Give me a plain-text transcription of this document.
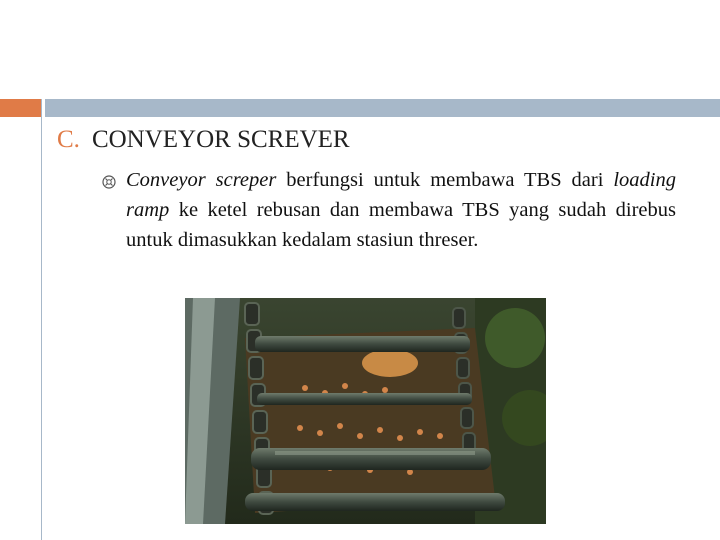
C. CONVEYOR SCREVER
Conveyor screper berfungsi untuk membawa TBS dari loading ramp ke ketel rebusan dan membawa TBS yang sudah direbus untuk dimasukkan kedalam stasiun threser.
